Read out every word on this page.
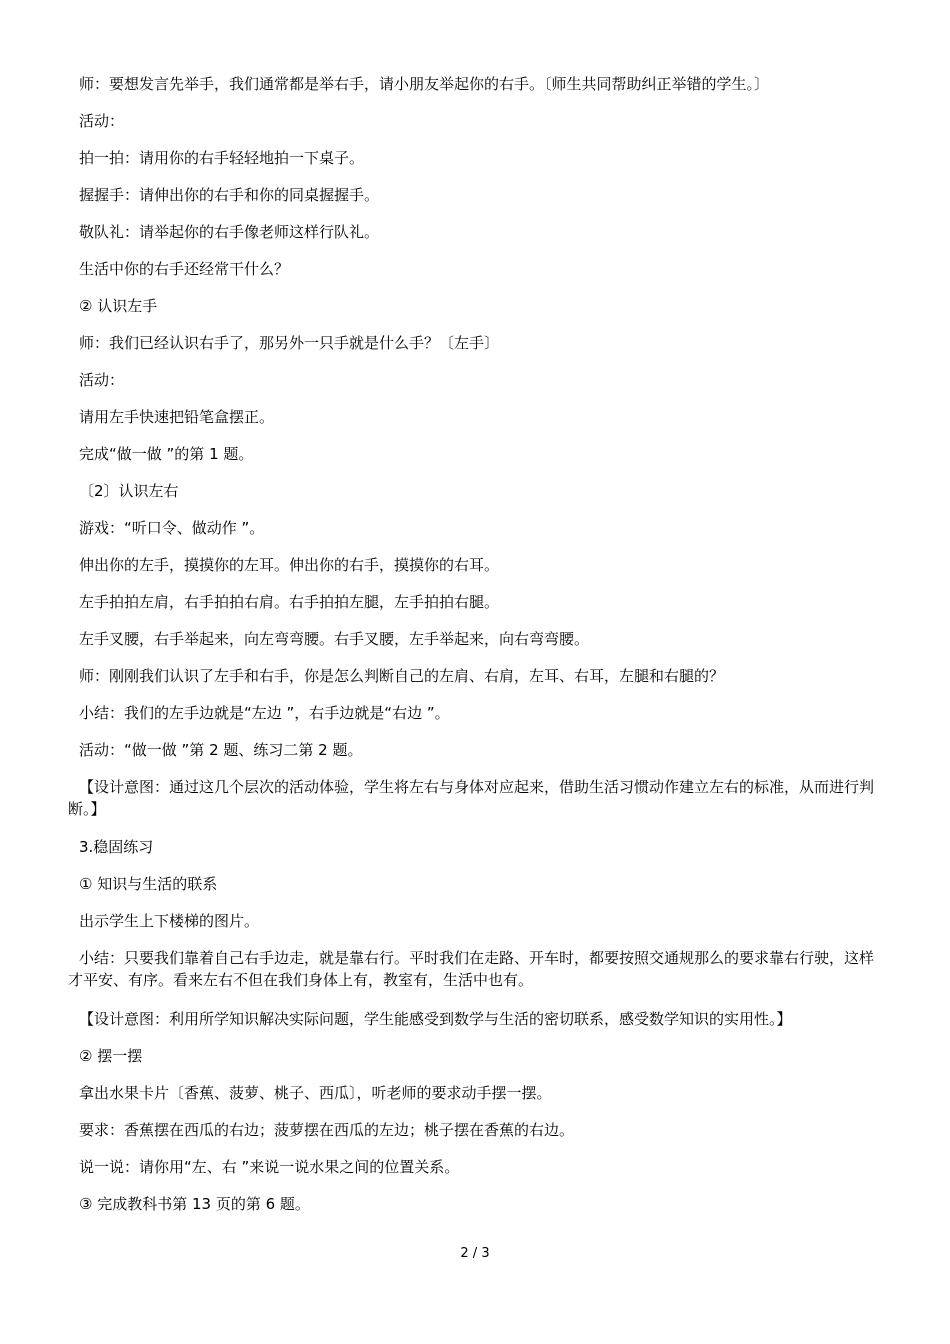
师：要想发言先举手，我们通常都是举右手，请小朋友举起你的右手。〔师生共同帮助纠正举错的学生。〕
活动：
拍一拍：请用你的右手轻轻地拍一下桌子。
握握手：请伸出你的右手和你的同桌握握手。
敬队礼：请举起你的右手像老师这样行队礼。
生活中你的右手还经常干什么？
② 认识左手
师：我们已经认识右手了，那另外一只手就是什么手？〔左手〕
活动：
请用左手快速把铅笔盒摆正。
完成“做一做 ”的第 1 题。
〔2〕认识左右
游戏：“听口令、做动作 ”。
伸出你的左手，摸摸你的左耳。伸出你的右手，摸摸你的右耳。
左手拍拍左肩，右手拍拍右肩。右手拍拍左腿，左手拍拍右腿。
左手叉腰，右手举起来，向左弯弯腰。右手叉腰，左手举起来，向右弯弯腰。
师：刚刚我们认识了左手和右手，你是怎么判断自己的左肩、右肩，左耳、右耳，左腿和右腿的？
小结：我们的左手边就是“左边 ”，右手边就是“右边 ”。
活动：“做一做 ”第 2 题、练习二第 2 题。
【设计意图：通过这几个层次的活动体验，学生将左右与身体对应起来，借助生活习惯动作建立左右的标准，从而进行判断。】
3.稳固练习
① 知识与生活的联系
出示学生上下楼梯的图片。
小结：只要我们靠着自己右手边走，就是靠右行。平时我们在走路、开车时，都要按照交通规那么的要求靠右行驶，这样才平安、有序。看来左右不但在我们身体上有，教室有，生活中也有。
【设计意图：利用所学知识解决实际问题，学生能感受到数学与生活的密切联系，感受数学知识的实用性。】
② 摆一摆
拿出水果卡片〔香蕉、菠萝、桃子、西瓜〕，听老师的要求动手摆一摆。
要求：香蕉摆在西瓜的右边；菠萝摆在西瓜的左边；桃子摆在香蕉的右边。
说一说：请你用“左、右 ”来说一说水果之间的位置关系。
③ 完成教科书第 13 页的第 6 题。
2 / 3
